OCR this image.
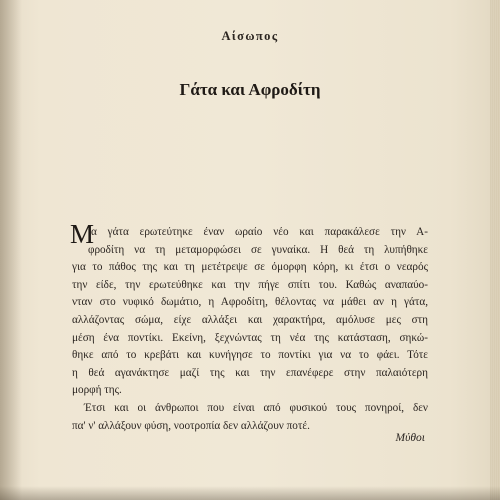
Αίσωπος
Γάτα και Αφροδίτη
Μ
ια γάτα ερωτεύτηκε έναν ωραίο νέο και παρακάλεσε την Α-
φροδίτη να τη μεταμορφώσει σε γυναίκα. Η θεά τη λυπήθηκε
για το πάθος της και τη μετέτρεψε σε όμορφη κόρη, κι έτσι ο νεαρός
την είδε, την ερωτεύθηκε και την πήγε σπίτι του. Καθώς αναπαύο-
νταν στο νυφικό δωμάτιο, η Αφροδίτη, θέλοντας να μάθει αν η γάτα,
αλλάζοντας σώμα, είχε αλλάξει και χαρακτήρα, αμόλυσε μες στη
μέση ένα ποντίκι. Εκείνη, ξεχνώντας τη νέα της κατάσταση, σηκώ-
θηκε από το κρεβάτι και κυνήγησε το ποντίκι για να το φάει. Τότε
η θεά αγανάκτησε μαζί της και την επανέφερε στην παλαιότερη
μορφή της.
Έτσι και οι άνθρωποι που είναι από φυσικού τους πονηροί, δεν
πα' ν' αλλάξουν φύση, νοοτροπία δεν αλλάζουν ποτέ.
Μύθοι
